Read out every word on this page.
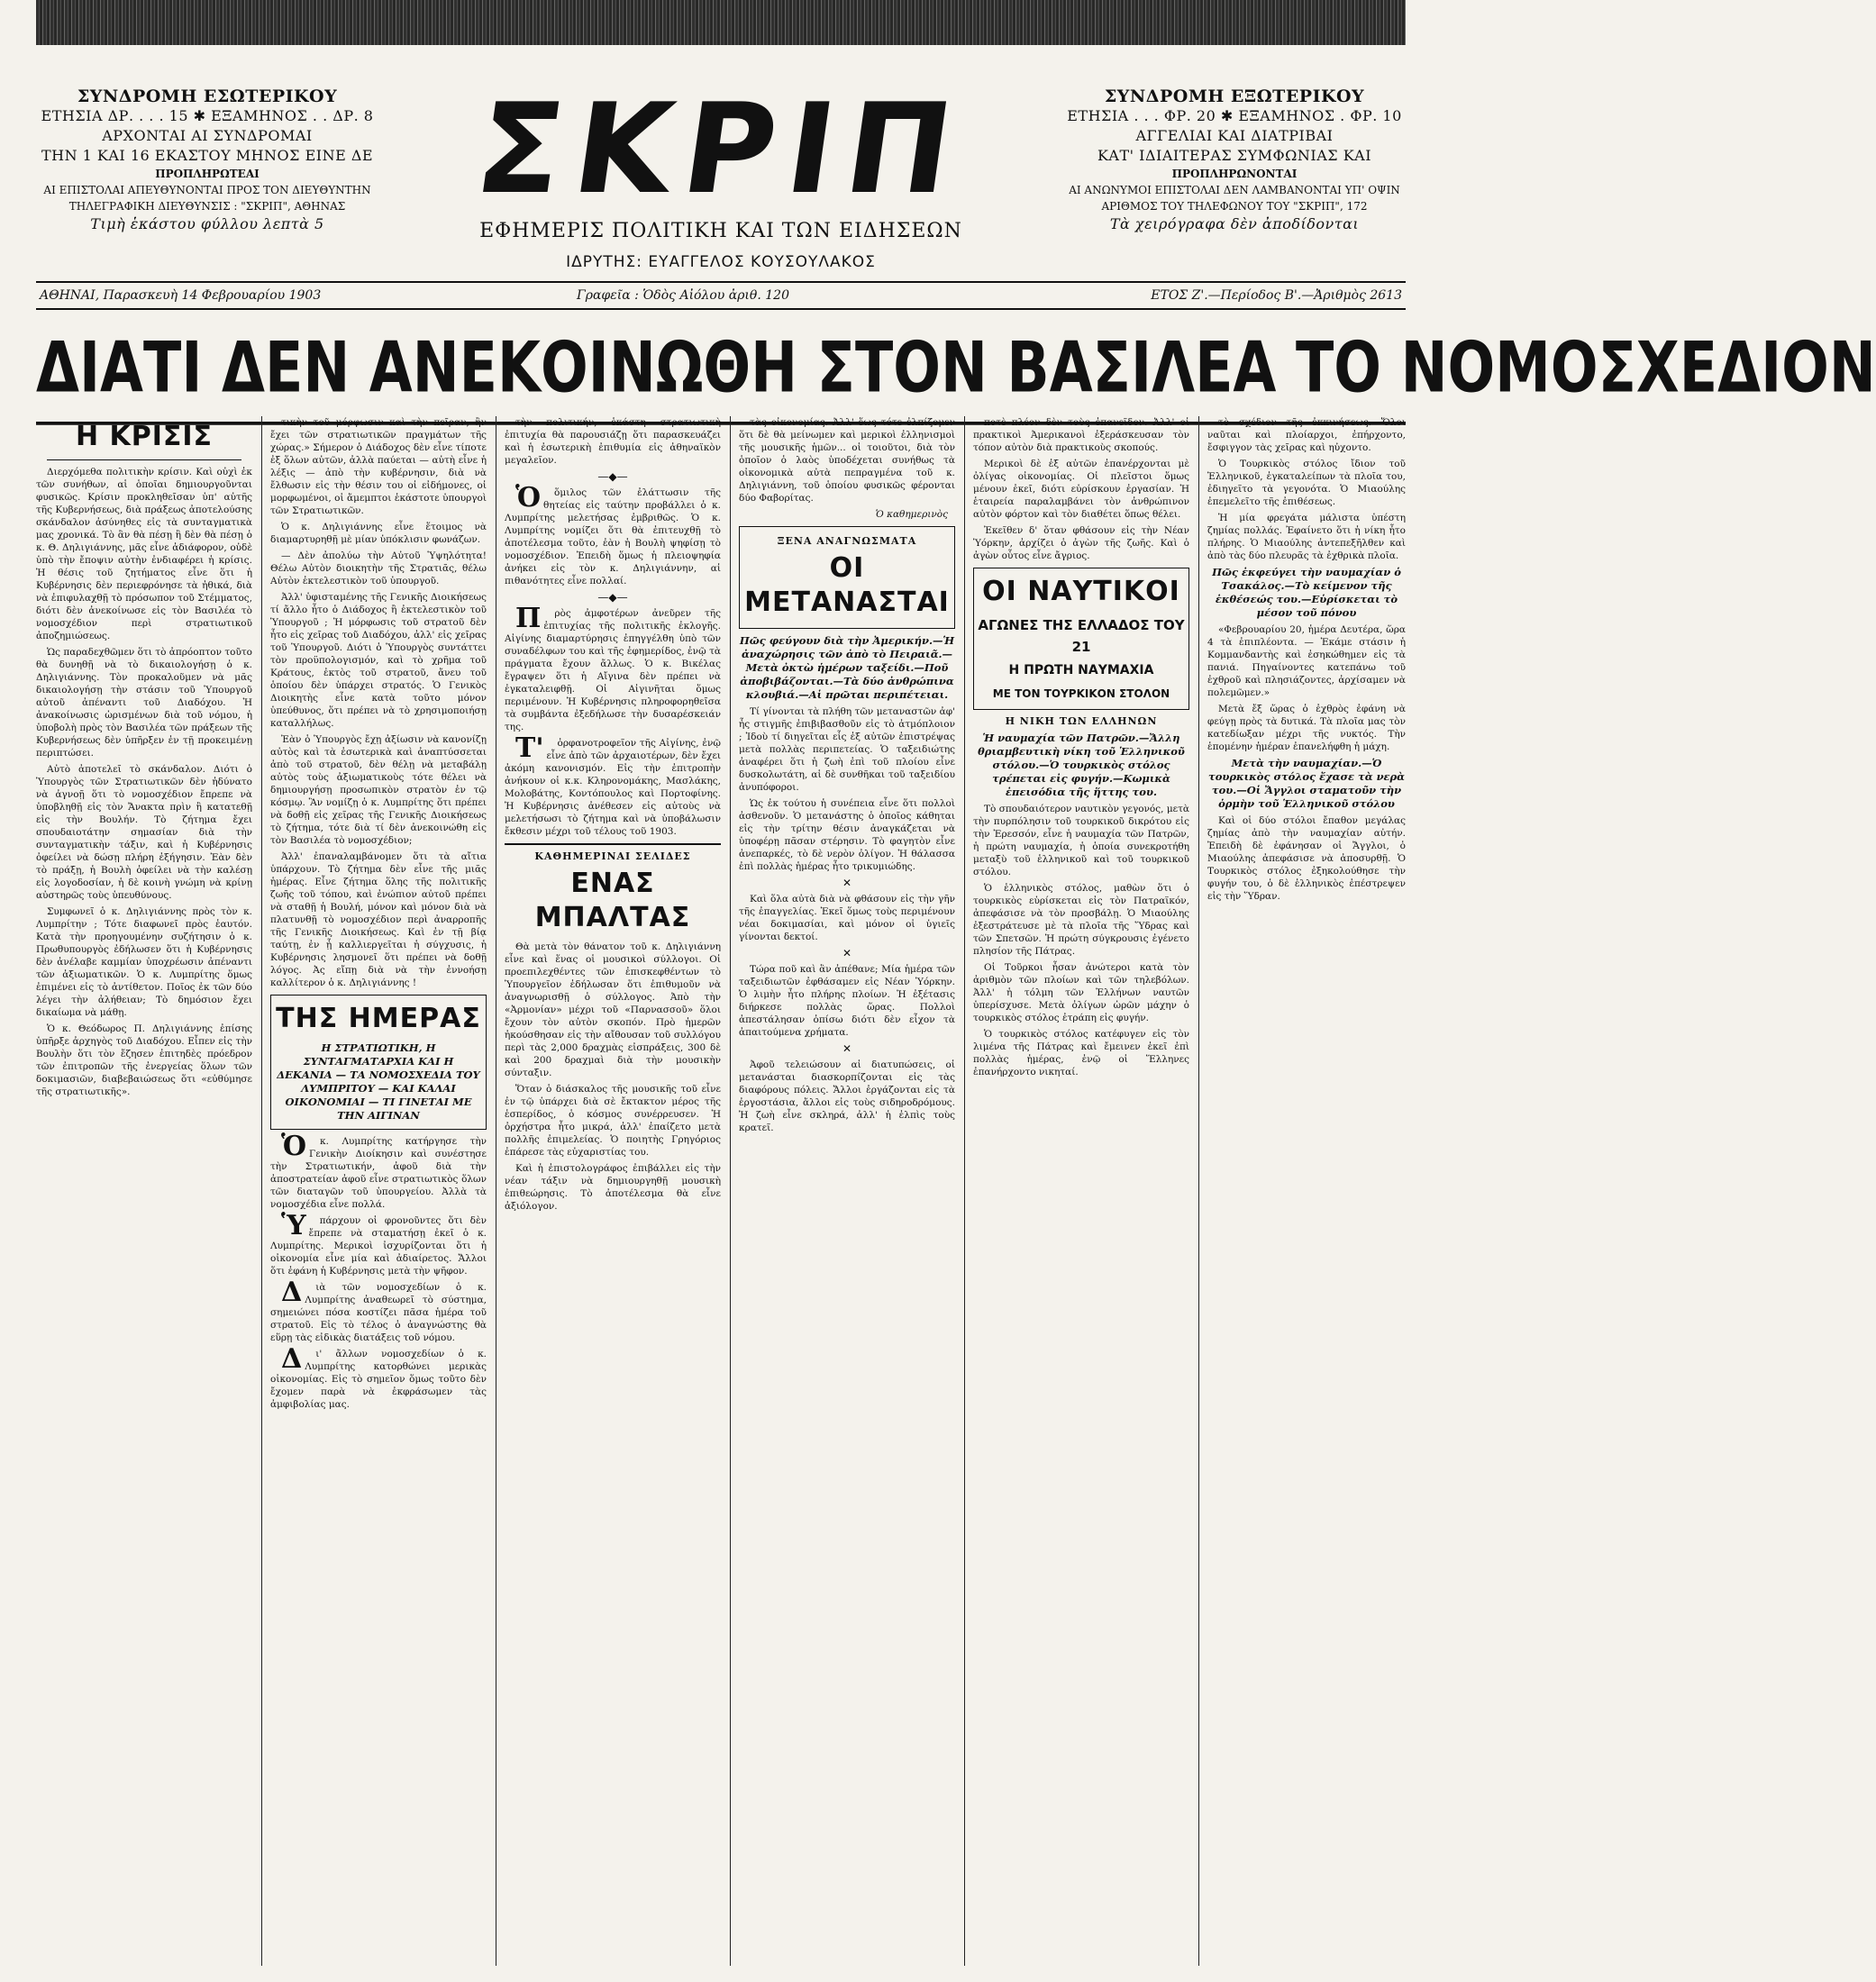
ΣΥΝΔΡΟΜΗ ΕΣΩΤΕΡΙΚΟΥ
ΕΤΗΣΙΑ ΔΡ. . . . 15 ✱ ΕΞΑΜΗΝΟΣ . . ΔΡ. 8
ΑΡΧΟΝΤΑΙ ΑΙ ΣΥΝΔΡΟΜΑΙ
ΤΗΝ 1 ΚΑΙ 16 ΕΚΑΣΤΟΥ ΜΗΝΟΣ ΕΙΝΕ ΔΕ
ΠΡΟΠΛΗΡΩΤΕΑΙ
ΑΙ ΕΠΙΣΤΟΛΑΙ ΑΠΕΥΘΥΝΟΝΤΑΙ ΠΡΟΣ ΤΟΝ ΔΙΕΥΘΥΝΤΗΝ
ΤΗΛΕΓΡΑΦΙΚΗ ΔΙΕΥΘΥΝΣΙΣ : "ΣΚΡΙΠ", ΑΘΗΝΑΣ
Τιμὴ ἑκάστου φύλλου λεπτὰ 5
ΣΚΡΙΠ
ΕΦΗΜΕΡΙΣ ΠΟΛΙΤΙΚΗ ΚΑΙ ΤΩΝ ΕΙΔΗΣΕΩΝ
ΙΔΡΥΤΗΣ: ΕΥΑΓΓΕΛΟΣ ΚΟΥΣΟΥΛΑΚΟΣ
ΣΥΝΔΡΟΜΗ ΕΞΩΤΕΡΙΚΟΥ
ΕΤΗΣΙΑ . . . ΦΡ. 20 ✱ ΕΞΑΜΗΝΟΣ . ΦΡ. 10
ΑΓΓΕΛΙΑΙ ΚΑΙ ΔΙΑΤΡΙΒΑΙ
ΚΑΤ' ΙΔΙΑΙΤΕΡΑΣ ΣΥΜΦΩΝΙΑΣ ΚΑΙ
ΠΡΟΠΛΗΡΩΝΟΝΤΑΙ
ΑΙ ΑΝΩΝΥΜΟΙ ΕΠΙΣΤΟΛΑΙ ΔΕΝ ΛΑΜΒΑΝΟΝΤΑΙ ΥΠ' ΟΨΙΝ
ΑΡΙΘΜΟΣ ΤΟΥ ΤΗΛΕΦΩΝΟΥ ΤΟΥ "ΣΚΡΙΠ", 172
Τὰ χειρόγραφα δὲν ἀποδίδονται
ΑΘΗΝΑΙ, Παρασκευὴ 14 Φεβρουαρίου 1903	Γραφεῖα : Ὁδὸς Αἰόλου ἀριθ. 120	ΕΤΟΣ Ζ'.—Περίοδος Β'.—Ἀριθμὸς 2613
ΔΙΑΤΙ ΔΕΝ ΑΝΕΚΟΙΝΩΘΗ ΣΤΟΝ ΒΑΣΙΛΕΑ ΤΟ ΝΟΜΟΣΧΕΔΙΟΝ
Η ΚΡΙΣΙΣ

Διερχόμεθα πολιτικὴν κρίσιν. Καὶ οὐχὶ ἐκ τῶν συνήθων, αἱ ὁποῖαι δημιουργοῦνται φυσικῶς. Κρίσιν προκληθεῖσαν ὑπ' αὐτῆς τῆς Κυβερνήσεως, διὰ πράξεως ἀποτελούσης σκάνδαλον ἀσύνηθες εἰς τὰ συνταγματικὰ μας χρονικά. Τὸ ἂν θὰ πέσῃ ἢ δὲν θὰ πέσῃ ὁ κ. Θ. Δηλιγιάννης, μᾶς εἶνε ἀδιάφορον, οὐδὲ ὑπὸ τὴν ἔποψιν αὐτὴν ἐνδιαφέρει ἡ κρίσις. Ἡ θέσις τοῦ ζητήματος εἶνε ὅτι ἡ Κυβέρνησις δὲν περιεφρόνησε τὰ ἠθικά, διὰ νὰ ἐπιφυλαχθῇ τὸ πρόσωπον τοῦ Στέμματος, διότι δὲν ἀνεκοίνωσε εἰς τὸν Βασιλέα τὸ νομοσχέδιον περὶ στρατιωτικοῦ ἀποζημιώσεως.

Ὡς παραδεχθῶμεν ὅτι τὸ ἀπρόοπτον τοῦτο θὰ δυνηθῇ νὰ τὸ δικαιολογήσῃ ὁ κ. Δηλιγιάννης. Τὸν προκαλοῦμεν νὰ μᾶς δικαιολογήσῃ τὴν στάσιν τοῦ Ὑπουργοῦ αὐτοῦ ἀπέναντι τοῦ Διαδόχου. Ἡ ἀνακοίνωσις ὡρισμένων διὰ τοῦ νόμου, ἡ ὑποβολὴ πρὸς τὸν Βασιλέα τῶν πράξεων τῆς Κυβερνήσεως δὲν ὑπῆρξεν ἐν τῇ προκειμένῃ περιπτώσει.

Αὐτὸ ἀποτελεῖ τὸ σκάνδαλον. Διότι ὁ Ὑπουργὸς τῶν Στρατιωτικῶν δὲν ἠδύνατο νὰ ἀγνοῇ ὅτι τὸ νομοσχέδιον ἔπρεπε νὰ ὑποβληθῇ εἰς τὸν Ἄνακτα πρὶν ἢ κατατεθῇ εἰς τὴν Βουλήν. Τὸ ζήτημα ἔχει σπουδαιοτάτην σημασίαν διὰ τὴν συνταγματικὴν τάξιν, καὶ ἡ Κυβέρνησις ὀφείλει νὰ δώσῃ πλήρη ἐξήγησιν. Ἐὰν δὲν τὸ πράξῃ, ἡ Βουλὴ ὀφείλει νὰ τὴν καλέσῃ εἰς λογοδοσίαν, ἡ δὲ κοινὴ γνώμη νὰ κρίνῃ αὐστηρῶς τοὺς ὑπευθύνους.

Συμφωνεῖ ὁ κ. Δηλιγιάννης πρὸς τὸν κ. Λυμπρίτην ; Τότε διαφωνεῖ πρὸς ἑαυτόν. Κατὰ τὴν προηγουμένην συζήτησιν ὁ κ. Πρωθυπουργὸς ἐδήλωσεν ὅτι ἡ Κυβέρνησις δὲν ἀνέλαβε καμμίαν ὑποχρέωσιν ἀπέναντι τῶν ἀξιωματικῶν. Ὁ κ. Λυμπρίτης ὅμως ἐπιμένει εἰς τὸ ἀντίθετον. Ποῖος ἐκ τῶν δύο λέγει τὴν ἀλήθειαν; Τὸ δημόσιον ἔχει δικαίωμα νὰ μάθῃ.

Ὁ κ. Θεόδωρος Π. Δηλιγιάννης ἐπίσης ὑπῆρξε ἀρχηγὸς τοῦ Διαδόχου. Εἶπεν εἰς τὴν Βουλὴν ὅτι τὸν ἔζησεν ἐπιτηδὲς πρόεδρον τῶν ἐπιτροπῶν τῆς ἐνεργείας ὅλων τῶν δοκιμασιῶν, διαβεβαιώσεως ὅτι «εὐθύμησε τῆς στρατιωτικῆς».

τικὴν τοῦ μόρφωσιν καὶ τὴν πεῖραν, ἢν ἔχει τῶν στρατιωτικῶν πραγμάτων τῆς χώρας.» Σήμερον ὁ Διάδοχος δὲν εἶνε τίποτε ἐξ ὅλων αὐτῶν, ἀλλὰ παύεται — αὐτὴ εἶνε ἡ λέξις — ἀπὸ τὴν κυβέρνησιν, διὰ νὰ ἔλθωσιν εἰς τὴν θέσιν του οἱ εἰδήμονες, οἱ μορφωμένοι, οἱ ἄμεμπτοι ἑκάστοτε ὑπουργοὶ τῶν Στρατιωτικῶν.

Ὁ κ. Δηλιγιάννης εἶνε ἕτοιμος νὰ διαμαρτυρηθῇ μὲ μίαν ὑπόκλισιν φωνάζων.

— Δὲν ἀπολύω τὴν Αὐτοῦ Ὑψηλότητα! Θέλω Αὐτὸν διοικητὴν τῆς Στρατιᾶς, θέλω Αὐτὸν ἐκτελεστικὸν τοῦ ὑπουργοῦ.

Ἀλλ' ὑφισταμένης τῆς Γενικῆς Διοικήσεως τί ἄλλο ἦτο ὁ Διάδοχος ἢ ἐκτελεστικὸν τοῦ Ὑπουργοῦ ; Ἡ μόρφωσις τοῦ στρατοῦ δὲν ἦτο εἰς χεῖρας τοῦ Διαδόχου, ἀλλ' εἰς χεῖρας τοῦ Ὑπουργοῦ. Διότι ὁ Ὑπουργὸς συντάττει τὸν προϋπολογισμόν, καὶ τὸ χρῆμα τοῦ Κράτους, ἐκτὸς τοῦ στρατοῦ, ἄνευ τοῦ ὁποίου δὲν ὑπάρχει στρατός. Ὁ Γενικὸς Διοικητὴς εἶνε κατὰ τοῦτο μόνον ὑπεύθυνος, ὅτι πρέπει νὰ τὸ χρησιμοποιήσῃ καταλλήλως.

Ἐὰν ὁ Ὑπουργὸς ἔχῃ ἀξίωσιν νὰ κανονίζῃ αὐτὸς καὶ τὰ ἐσωτερικὰ καὶ ἀναπτύσσεται ἀπὸ τοῦ στρατοῦ, δὲν θέλῃ νὰ μεταβάλῃ αὐτὸς τοὺς ἀξιωματικοὺς τότε θέλει νὰ δημιουργήσῃ προσωπικὸν στρατὸν ἐν τῷ κόσμῳ. Ἂν νομίζῃ ὁ κ. Λυμπρίτης ὅτι πρέπει νὰ δοθῇ εἰς χεῖρας τῆς Γενικῆς Διοικήσεως τὸ ζήτημα, τότε διὰ τί δὲν ἀνεκοινώθη εἰς τὸν Βασιλέα τὸ νομοσχέδιον;

Ἀλλ' ἐπαναλαμβάνομεν ὅτι τὰ αἴτια ὑπάρχουν. Τὸ ζήτημα δὲν εἶνε τῆς μιᾶς ἡμέρας. Εἶνε ζήτημα ὅλης τῆς πολιτικῆς ζωῆς τοῦ τόπου, καὶ ἐνώπιον αὐτοῦ πρέπει νὰ σταθῇ ἡ Βουλή, μόνον καὶ μόνον διὰ νὰ πλατυνθῇ τὸ νομοσχέδιον περὶ ἀναρροπῆς τῆς Γενικῆς Διοικήσεως. Καὶ ἐν τῇ βίᾳ ταύτῃ, ἐν ᾗ καλλιεργεῖται ἡ σύγχυσις, ἡ Κυβέρνησις λησμονεῖ ὅτι πρέπει νὰ δοθῇ λόγος. Ἀς εἴπῃ διὰ νὰ τὴν ἐννοήσῃ καλλίτερον ὁ κ. Δηλιγιάννης !

ΤΗΣ ΗΜΕΡΑΣ
Η ΣΤΡΑΤΙΩΤΙΚΗ, Η ΣΥΝΤΑΓΜΑΤΑΡΧΙΑ ΚΑΙ Η ΔΕΚΑΝΙΑ — ΤΑ ΝΟΜΟΣΧΕΔΙΑ ΤΟΥ ΛΥΜΠΡΙΤΟΥ — ΚΑΙ ΚΑΛΑΙ ΟΙΚΟΝΟΜΙΑΙ — ΤΙ ΓΙΝΕΤΑΙ ΜΕ ΤΗΝ ΑΙΓΙΝΑΝ

Ὁκ. Λυμπρίτης κατήργησε τὴν Γενικὴν Διοίκησιν καὶ συνέστησε τὴν Στρατιωτικήν, ἀφοῦ διὰ τὴν ἀποστρατείαν ἀφοῦ εἶνε στρατιωτικὸς ὅλων τῶν διαταγῶν τοῦ ὑπουργείου. Ἀλλὰ τὰ νομοσχέδια εἶνε πολλά.

Ὑπάρχουν οἱ φρονοῦντες ὅτι δὲν ἔπρεπε νὰ σταματήσῃ ἐκεῖ ὁ κ. Λυμπρίτης. Μερικοὶ ἰσχυρίζονται ὅτι ἡ οἰκονομία εἶνε μία καὶ ἀδιαίρετος. Ἄλλοι ὅτι ἐφάνη ἡ Κυβέρνησις μετὰ τὴν ψῆφον.

Διὰ τῶν νομοσχεδίων ὁ κ. Λυμπρίτης ἀναθεωρεῖ τὸ σύστημα, σημειώνει πόσα κοστίζει πᾶσα ἡμέρα τοῦ στρατοῦ. Εἰς τὸ τέλος ὁ ἀναγνώστης θὰ εὕρῃ τὰς εἰδικὰς διατάξεις τοῦ νόμου.

Δι' ἄλλων νομοσχεδίων ὁ κ. Λυμπρίτης κατορθώνει μερικὰς οἰκονομίας. Εἰς τὸ σημεῖον ὅμως τοῦτο δὲν ἔχομεν παρὰ νὰ ἐκφράσωμεν τὰς ἀμφιβολίας μας.

τὴν πολιτικήν, ἑκάστη στρατιωτικὴ ἐπιτυχία θὰ παρουσιάζῃ ὅτι παρασκευάζει καὶ ἡ ἐσωτερικὴ ἐπιθυμία εἰς ἀθηναϊκὸν μεγαλεῖον.

—◆—

Ὁὅμιλος τῶν ἐλάττωσιν τῆς θητείας εἰς ταύτην προβάλλει ὁ κ. Λυμπρίτης μελετήσας ἐμβριθῶς. Ὁ κ. Λυμπρίτης νομίζει ὅτι θὰ ἐπιτευχθῇ τὸ ἀποτέλεσμα τοῦτο, ἐὰν ἡ Βουλὴ ψηφίσῃ τὸ νομοσχέδιον. Ἐπειδὴ ὅμως ἡ πλειοψηφία ἀνήκει εἰς τὸν κ. Δηλιγιάννην, αἱ πιθανότητες εἶνε πολλαί.

—◆—

Πρὸς ἀμφοτέρων ἀνεῦρεν τῆς ἐπιτυχίας τῆς πολιτικῆς ἐκλογῆς. Αἰγίνης διαμαρτύρησις ἐπηγγέλθη ὑπὸ τῶν συναδέλφων του καὶ τῆς ἐφημερίδος, ἐνῷ τὰ πράγματα ἔχουν ἄλλως. Ὁ κ. Βικέλας ἔγραψεν ὅτι ἡ Αἴγινα δὲν πρέπει νὰ ἐγκαταλειφθῇ. Οἱ Αἰγινῆται ὅμως περιμένουν. Ἡ Κυβέρνησις πληροφορηθεῖσα τὰ συμβάντα ἐξεδήλωσε τὴν δυσαρέσκειάν της.

Τ'ὀρφανοτροφεῖον τῆς Αἰγίνης, ἐνῷ εἶνε ἀπὸ τῶν ἀρχαιοτέρων, δὲν ἔχει ἀκόμη κανονισμόν. Εἰς τὴν ἐπιτροπὴν ἀνήκουν οἱ κ.κ. Κληρονομάκης, Μασλάκης, Μολοβάτης, Κοντόπουλος καὶ Πορτοφίνης. Ἡ Κυβέρνησις ἀνέθεσεν εἰς αὐτοὺς νὰ μελετήσωσι τὸ ζήτημα καὶ νὰ ὑποβάλωσιν ἔκθεσιν μέχρι τοῦ τέλους τοῦ 1903.

ΚΑΘΗΜΕΡΙΝΑΙ ΣΕΛΙΔΕΣ
ΕΝΑΣ ΜΠΑΛΤΑΣ

Θὰ μετὰ τὸν θάνατον τοῦ κ. Δηλιγιάννη εἶνε καὶ ἕνας οἱ μουσικοὶ σύλλογοι. Οἱ προεπιλεχθέντες τῶν ἐπισκεφθέντων τὸ Ὑπουργεῖον ἐδήλωσαν ὅτι ἐπιθυμοῦν νὰ ἀναγνωρισθῇ ὁ σύλλογος. Ἀπὸ τὴν «Ἀρμονίαν» μέχρι τοῦ «Παρνασσοῦ» ὅλοι ἔχουν τὸν αὐτὸν σκοπόν. Πρὸ ἡμερῶν ἠκούσθησαν εἰς τὴν αἴθουσαν τοῦ συλλόγου περὶ τὰς 2,000 δραχμὰς εἰσπράξεις, 300 δὲ καὶ 200 δραχμαὶ διὰ τὴν μουσικὴν σύνταξιν.

Ὅταν ὁ διάσκαλος τῆς μουσικῆς τοῦ εἶνε ἐν τῷ ὑπάρχει διὰ σὲ ἔκτακτον μέρος τῆς ἑσπερίδος, ὁ κόσμος συνέρρευσεν. Ἡ ὀρχήστρα ἦτο μικρά, ἀλλ' ἐπαίζετο μετὰ πολλῆς ἐπιμελείας. Ὁ ποιητὴς Γρηγόριος ἐπάρεσε τὰς εὐχαριστίας του.

Καὶ ἡ ἐπιστολογράφος ἐπιβάλλει εἰς τὴν νέαν τάξιν νὰ δημιουργηθῇ μουσικὴ ἐπιθεώρησις. Τὸ ἀποτέλεσμα θὰ εἶνε ἀξιόλογον.

τὰς οἰκονομίας. Ἀλλ' ἕως τότε ἐλπίζομεν ὅτι δὲ θὰ μείνωμεν καὶ μερικοὶ ἐλληνισμοὶ τῆς μουσικῆς ἡμῶν... οἱ τοιοῦτοι, διὰ τὸν ὁποῖον ὁ λαὸς ὑποδέχεται συνήθως τὰ οἰκονομικὰ αὐτὰ πεπραγμένα τοῦ κ. Δηλιγιάννη, τοῦ ὁποίου φυσικῶς φέρονται δύο Φαβορίτας.

Ὁ καθημερινὸς
ΞΕΝΑ ΑΝΑΓΝΩΣΜΑΤΑ
ΟΙ ΜΕΤΑΝΑΣΤΑΙ
Πῶς φεύγουν διὰ τὴν Ἀμερικήν.—Ἡ ἀναχώρησις τῶν ἀπὸ τὸ Πειραιᾶ.—Μετὰ ὀκτὼ ἡμέρων ταξείδι.—Ποῦ ἀποβιβάζονται.—Τὰ δύο ἀνθρώπινα κλουβιά.—Αἱ πρῶται περιπέτειαι.

Τί γίνονται τὰ πλήθη τῶν μεταναστῶν ἀφ' ἧς στιγμῆς ἐπιβιβασθοῦν εἰς τὸ ἀτμόπλοιον ; Ἰδοὺ τί διηγεῖται εἷς ἐξ αὐτῶν ἐπιστρέψας μετὰ πολλὰς περιπετείας. Ὁ ταξειδιώτης ἀναφέρει ὅτι ἡ ζωὴ ἐπὶ τοῦ πλοίου εἶνε δυσκολωτάτη, αἱ δὲ συνθῆκαι τοῦ ταξειδίου ἀνυπόφοροι.

Ὡς ἐκ τούτου ἡ συνέπεια εἶνε ὅτι πολλοὶ ἀσθενοῦν. Ὁ μετανάστης ὁ ὁποῖος κάθηται εἰς τὴν τρίτην θέσιν ἀναγκάζεται νὰ ὑποφέρῃ πᾶσαν στέρησιν. Τὸ φαγητὸν εἶνε ἀνεπαρκές, τὸ δὲ νερὸν ὀλίγον. Ἡ θάλασσα ἐπὶ πολλὰς ἡμέρας ἦτο τρικυμιώδης.

✕

Καὶ ὅλα αὐτὰ διὰ νὰ φθάσουν εἰς τὴν γῆν τῆς ἐπαγγελίας. Ἐκεῖ ὅμως τοὺς περιμένουν νέαι δοκιμασίαι, καὶ μόνον οἱ ὑγιεῖς γίνονται δεκτοί.

✕

Τώρα ποῦ καὶ ἂν ἀπέθανε; Μία ἡμέρα τῶν ταξειδιωτῶν ἐφθάσαμεν εἰς Νέαν Ὑόρκην. Ὁ λιμὴν ἦτο πλήρης πλοίων. Ἡ ἐξέτασις διήρκεσε πολλὰς ὥρας. Πολλοὶ ἀπεστάλησαν ὀπίσω διότι δὲν εἶχον τὰ ἀπαιτούμενα χρήματα.

✕

Ἀφοῦ τελειώσουν αἱ διατυπώσεις, οἱ μετανάσται διασκορπίζονται εἰς τὰς διαφόρους πόλεις. Ἄλλοι ἐργάζονται εἰς τὰ ἐργοστάσια, ἄλλοι εἰς τοὺς σιδηροδρόμους. Ἡ ζωὴ εἶνε σκληρά, ἀλλ' ἡ ἐλπὶς τοὺς κρατεῖ.

ποτὲ πλέον δὲν τοὺς ἐπανεῖδον. Ἀλλ' οἱ πρακτικοὶ Ἀμερικανοὶ ἐξεράσκευσαν τὸν τόπον αὐτὸν διὰ πρακτικοὺς σκοπούς.

Μερικοὶ δὲ ἐξ αὐτῶν ἐπανέρχονται μὲ ὀλίγας οἰκονομίας. Οἱ πλεῖστοι ὅμως μένουν ἐκεῖ, διότι εὑρίσκουν ἐργασίαν. Ἡ ἑταιρεία παραλαμβάνει τὸν ἀνθρώπινον αὐτὸν φόρτον καὶ τὸν διαθέτει ὅπως θέλει.

Ἐκεῖθεν δ' ὅταν φθάσουν εἰς τὴν Νέαν Ὑόρκην, ἀρχίζει ὁ ἀγὼν τῆς ζωῆς. Καὶ ὁ ἀγὼν οὗτος εἶνε ἄγριος.

ΟΙ ΝΑΥΤΙΚΟΙ
ΑΓΩΝΕΣ ΤΗΣ ΕΛΛΑΔΟΣ ΤΟΥ 21
Η ΠΡΩΤΗ ΝΑΥΜΑΧΙΑ
ΜΕ ΤΟΝ ΤΟΥΡΚΙΚΟΝ ΣΤΟΛΟΝ
Η ΝΙΚΗ ΤΩΝ ΕΛΛΗΝΩΝ
Ἡ ναυμαχία τῶν Πατρῶν.—Ἄλλη θριαμβευτικὴ νίκη τοῦ Ἑλληνικοῦ στόλου.—Ὁ τουρκικὸς στόλος τρέπεται εἰς φυγήν.—Κωμικὰ ἐπεισόδια τῆς ἥττης του.

Τὸ σπουδαιότερον ναυτικὸν γεγονός, μετὰ τὴν πυρπόλησιν τοῦ τουρκικοῦ δικρότου εἰς τὴν Ἐρεσσόν, εἶνε ἡ ναυμαχία τῶν Πατρῶν, ἡ πρώτη ναυμαχία, ἡ ὁποία συνεκροτήθη μεταξὺ τοῦ ἑλληνικοῦ καὶ τοῦ τουρκικοῦ στόλου.

Ὁ ἑλληνικὸς στόλος, μαθὼν ὅτι ὁ τουρκικὸς εὑρίσκεται εἰς τὸν Πατραϊκόν, ἀπεφάσισε νὰ τὸν προσβάλῃ. Ὁ Μιαούλης ἐξεστράτευσε μὲ τὰ πλοῖα τῆς Ὕδρας καὶ τῶν Σπετσῶν. Ἡ πρώτη σύγκρουσις ἐγένετο πλησίον τῆς Πάτρας.

Οἱ Τοῦρκοι ἦσαν ἀνώτεροι κατὰ τὸν ἀριθμὸν τῶν πλοίων καὶ τῶν τηλεβόλων. Ἀλλ' ἡ τόλμη τῶν Ἑλλήνων ναυτῶν ὑπερίσχυσε. Μετὰ ὀλίγων ὡρῶν μάχην ὁ τουρκικὸς στόλος ἐτράπη εἰς φυγήν.

Ὁ τουρκικὸς στόλος κατέφυγεν εἰς τὸν λιμένα τῆς Πάτρας καὶ ἔμεινεν ἐκεῖ ἐπὶ πολλὰς ἡμέρας, ἐνῷ οἱ Ἕλληνες ἐπανήρχοντο νικηταί.

τὸ σχέδιον τῆς ἐκκινήσεως. Ὅλοι ναῦται καὶ πλοίαρχοι, ἐπήρχοντο, ἔσφιγγον τὰς χεῖρας καὶ ηὐχοντο.

Ὁ Τουρκικὸς στόλος ἴδιον τοῦ Ἑλληνικοῦ, ἐγκαταλείπων τὰ πλοῖα του, ἐδιηγεῖτο τὰ γεγονότα. Ὁ Μιαούλης ἐπεμελεῖτο τῆς ἐπιθέσεως.

Ἡ μία φρεγάτα μάλιστα ὑπέστη ζημίας πολλάς. Ἐφαίνετο ὅτι ἡ νίκη ἦτο πλήρης. Ὁ Μιαούλης ἀντεπεξῆλθεν καὶ ἀπὸ τὰς δύο πλευρᾶς τὰ ἐχθρικὰ πλοῖα.

Πῶς ἐκφεύγει τὴν ναυμαχίαν ὁ Τσακάλος.—Τὸ κείμενον τῆς ἐκθέσεώς του.—Εὑρίσκεται τὸ μέσον τοῦ πόνου

«Φεβρουαρίου 20, ἡμέρα Δευτέρα, ὥρα 4 τὰ ἐπιπλέοντα. — Ἐκάμε στάσιν ἡ Κομμανδαντὴς καὶ ἐσηκώθημεν εἰς τὰ πανιά. Πηγαίνοντες κατεπάνω τοῦ ἐχθροῦ καὶ πλησιάζοντες, ἀρχίσαμεν νὰ πολεμῶμεν.»

Μετὰ ἔξ ὥρας ὁ ἐχθρὸς ἐφάνη νὰ φεύγῃ πρὸς τὰ δυτικά. Τὰ πλοῖα μας τὸν κατεδίωξαν μέχρι τῆς νυκτός. Τὴν ἑπομένην ἡμέραν ἐπανελήφθη ἡ μάχη.

Μετὰ τὴν ναυμαχίαν.—Ὁ τουρκικὸς στόλος ἔχασε τὰ νερὰ του.—Οἱ Ἄγγλοι σταματοῦν τὴν ὁρμὴν τοῦ Ἑλληνικοῦ στόλου

Καὶ οἱ δύο στόλοι ἔπαθον μεγάλας ζημίας ἀπὸ τὴν ναυμαχίαν αὐτήν. Ἐπειδὴ δὲ ἐφάνησαν οἱ Ἄγγλοι, ὁ Μιαούλης ἀπεφάσισε νὰ ἀποσυρθῇ. Ὁ Τουρκικὸς στόλος ἐξηκολούθησε τὴν φυγήν του, ὁ δὲ ἑλληνικὸς ἐπέστρεψεν εἰς τὴν Ὕδραν.
